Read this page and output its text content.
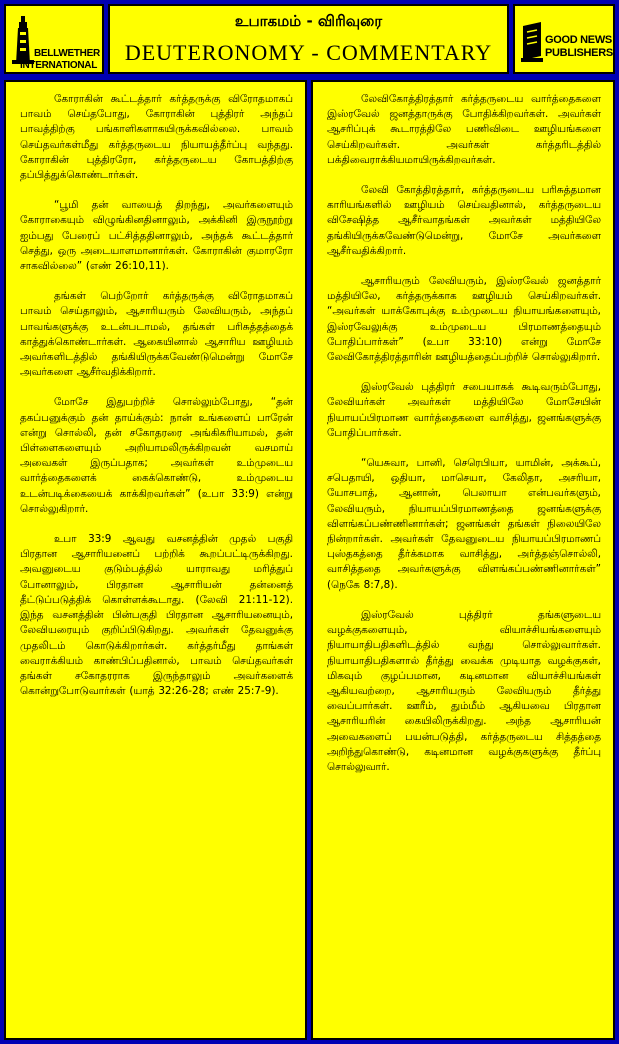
BELLWETHER
INTERNATIONAL
உபாகமம் - விரிவுரை
DEUTERONOMY - COMMENTARY	GOOD NEWS
PUBLISHERS

கோராகின் கூட்டத்தார் கர்த்தருக்கு விரோதமாகப் பாவம் செய்தபோது, கோராகின் புத்திரர் அந்தப் பாவத்திற்கு பங்காளிகளாகயிருக்கவில்லை. பாவம் செய்தவர்கள்மீது கர்த்தருடைய நியாயத்தீர்ப்பு வந்தது. கோராகின் புத்திரரோ, கர்த்தருடைய கோபத்திற்கு தப்பித்துக்கொண்டார்கள்.

“பூமி தன் வாயைத் திறந்து, அவர்களையும் கோராகையும் விழுங்கினதினாலும், அக்கினி இருநூற்று ஐம்பது பேரைப் பட்சித்ததினாலும், அந்தக் கூட்டத்தார் செத்து, ஒரு அடையாளமானார்கள். கோராகின் குமாரரோ சாகவில்லை” (எண் 26:10,11).

தங்கள் பெற்றோர் கர்த்தருக்கு விரோதமாகப் பாவம் செய்தாலும், ஆசாரியரும் லேவியரும், அந்தப் பாவங்களுக்கு உடன்படாமல், தங்கள் பரிசுத்தத்தைக் காத்துக்கொண்டார்கள். ஆகையினால் ஆசாரிய ஊழியம் அவர்களிடத்தில் தங்கியிருக்கவேண்டுமென்று மோசே அவர்களை ஆசீர்வதிக்கிறார்.

மோசே இதுபற்றிச் சொல்லும்போது, “தன் தகப்பனுக்கும் தன் தாய்க்கும்: நான் உங்களைப் பாரேன் என்று சொல்லி, தன் சகோதரரை அங்கிகரியாமல், தன் பிள்ளைகளையும் அறியாமலிருக்கிறவன் வசமாய் அவைகள் இருப்பதாக; அவர்கள் உம்முடைய வார்த்தைகளைக் கைக்கொண்டு, உம்முடைய உடன்படிக்கையைக் காக்கிறவர்கள்” (உபா 33:9) என்று சொல்லுகிறார்.

உபா 33:9 ஆவது வசனத்தின் முதல் பகுதி பிரதான ஆசாரியனைப் பற்றிக் கூறப்பட்டிருக்கிறது. அவனுடைய குடும்பத்தில் யாராவது மரித்துப் போனாலும், பிரதான ஆசாரியன் தன்னைத் தீட்டுப்படுத்திக் கொள்ளக்கூடாது. (லேவி 21:11-12). இந்த வசனத்தின் பின்பகுதி பிரதான ஆசாரியனையும், லேவியரையும் குறிப்பிடுகிறது. அவர்கள் தேவனுக்கு முதலிடம் கொடுக்கிறார்கள். கர்த்தர்மீது தாங்கள் வைராக்கியம் காண்பிப்பதினால், பாவம் செய்தவர்கள் தங்கள் சகோதரராக இருந்தாலும் அவர்களைக் கொன்றுபோடுவார்கள் (யாத் 32:26-28; எண் 25:7-9).

லேவிகோத்திரத்தார் கர்த்தருடைய வார்த்தைகளை இஸ்ரவேல் ஜனத்தாருக்கு போதிக்கிறவர்கள். அவர்கள் ஆசரிப்புக் கூடாரத்திலே பணிவிடை ஊழியங்களை செய்கிறவர்கள். அவர்கள் கர்த்தரிடத்தில் பக்திவைராக்கியமாயிருக்கிறவர்கள்.

லேவி கோத்திரத்தார், கர்த்தருடைய பரிசுத்தமான காரியங்களில் ஊழியம் செய்வதினால், கர்த்தருடைய விசேஷித்த ஆசீர்வாதங்கள் அவர்கள் மத்தியிலே தங்கியிருக்கவேண்டுமென்று, மோசே அவர்களை ஆசீர்வதிக்கிறார்.

ஆசாரியரும் லேவியரும், இஸ்ரவேல் ஜனத்தார் மத்தியிலே, கர்த்தருக்காக ஊழியம் செய்கிறவர்கள். “அவர்கள் யாக்கோபுக்கு உம்முடைய நியாயங்களையும், இஸ்ரவேலுக்கு உம்முடைய பிரமாணத்தையும் போதிப்பார்கள்” (உபா 33:10) என்று மோசே லேவிகோத்திரத்தாரின் ஊழியத்தைப்பற்றிச் சொல்லுகிறார்.

இஸ்ரவேல் புத்திரர் சபையாகக் கூடிவரும்போது, லேவியர்கள் அவர்கள் மத்தியிலே மோசேயின் நியாயப்பிரமாண வார்த்தைகளை வாசித்து, ஜனங்களுக்கு போதிப்பார்கள்.

“யெசுவா, பானி, செரெபியா, யாமின், அக்கூப், சபெதாயி, ஒதியா, மாசெயா, கேலிதா, அசரியா, யோசபாத், ஆனான், பெலாயா என்பவர்களும், லேவியரும், நியாயப்பிரமாணத்தை ஜனங்களுக்கு விளங்கப்பண்ணினார்கள்; ஜனங்கள் தங்கள் நிலையிலே நின்றார்கள். அவர்கள் தேவனுடைய நியாயப்பிரமாணப் புஸ்தகத்தை தீர்க்கமாக வாசித்து, அர்த்தஞ்சொல்லி, வாசித்ததை அவர்களுக்கு விளங்கப்பண்ணினார்கள்” (நெகே 8:7,8).

இஸ்ரவேல் புத்திரர் தங்களுடைய வழக்குகளையும், வியாச்சியங்களையும் நியாயாதிபதிகளிடத்தில் வந்து சொல்லுவார்கள். நியாயாதிபதிகளால் தீர்த்து வைக்க முடியாத வழக்குகள், மிகவும் குழப்பமான, கடினமான வியாச்சியங்கள் ஆகியவற்றை, ஆசாரியரும் லேவியரும் தீர்த்து வைப்பார்கள். ஊரீம், தும்மீம் ஆகியவை பிரதான ஆசாரியரின் கையிலிருக்கிறது. அந்த ஆசாரியன் அவைகளைப் பயன்படுத்தி, கர்த்தருடைய சித்தத்தை அறிந்துகொண்டு, கடினமான வழக்குகளுக்கு தீர்ப்பு சொல்லுவார்.
